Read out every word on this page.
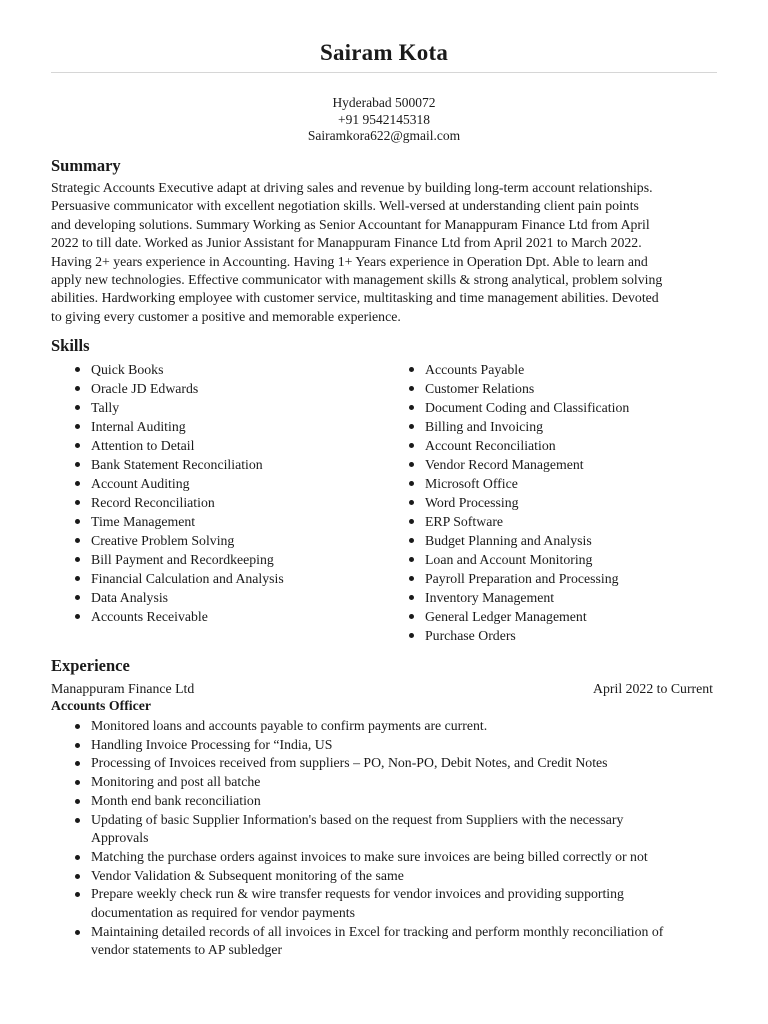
Sairam Kota
Hyderabad 500072
+91 9542145318
Sairamkora622@gmail.com
Summary
Strategic Accounts Executive adapt at driving sales and revenue by building long-term account relationships.
Persuasive communicator with excellent negotiation skills. Well-versed at understanding client pain points
and developing solutions. Summary Working as Senior Accountant for Manappuram Finance Ltd from April
2022 to till date. Worked as Junior Assistant for Manappuram Finance Ltd from April 2021 to March 2022.
Having 2+ years experience in Accounting. Having 1+ Years experience in Operation Dpt. Able to learn and
apply new technologies. Effective communicator with management skills & strong analytical, problem solving
abilities. Hardworking employee with customer service, multitasking and time management abilities. Devoted
to giving every customer a positive and memorable experience.
Skills
Quick Books
Oracle JD Edwards
Tally
Internal Auditing
Attention to Detail
Bank Statement Reconciliation
Account Auditing
Record Reconciliation
Time Management
Creative Problem Solving
Bill Payment and Recordkeeping
Financial Calculation and Analysis
Data Analysis
Accounts Receivable
Accounts Payable
Customer Relations
Document Coding and Classification
Billing and Invoicing
Account Reconciliation
Vendor Record Management
Microsoft Office
Word Processing
ERP Software
Budget Planning and Analysis
Loan and Account Monitoring
Payroll Preparation and Processing
Inventory Management
General Ledger Management
Purchase Orders
Experience
Manappuram Finance Ltd	April 2022 to Current
Accounts Officer
Monitored loans and accounts payable to confirm payments are current.
Handling Invoice Processing for “India, US
Processing of Invoices received from suppliers – PO, Non-PO, Debit Notes, and Credit Notes
Monitoring and post all batche
Month end bank reconciliation
Updating of basic Supplier Information's based on the request from Suppliers with the necessary
Approvals
Matching the purchase orders against invoices to make sure invoices are being billed correctly or not
Vendor Validation & Subsequent monitoring of the same
Prepare weekly check run & wire transfer requests for vendor invoices and providing supporting
documentation as required for vendor payments
Maintaining detailed records of all invoices in Excel for tracking and perform monthly reconciliation of
vendor statements to AP subledger
